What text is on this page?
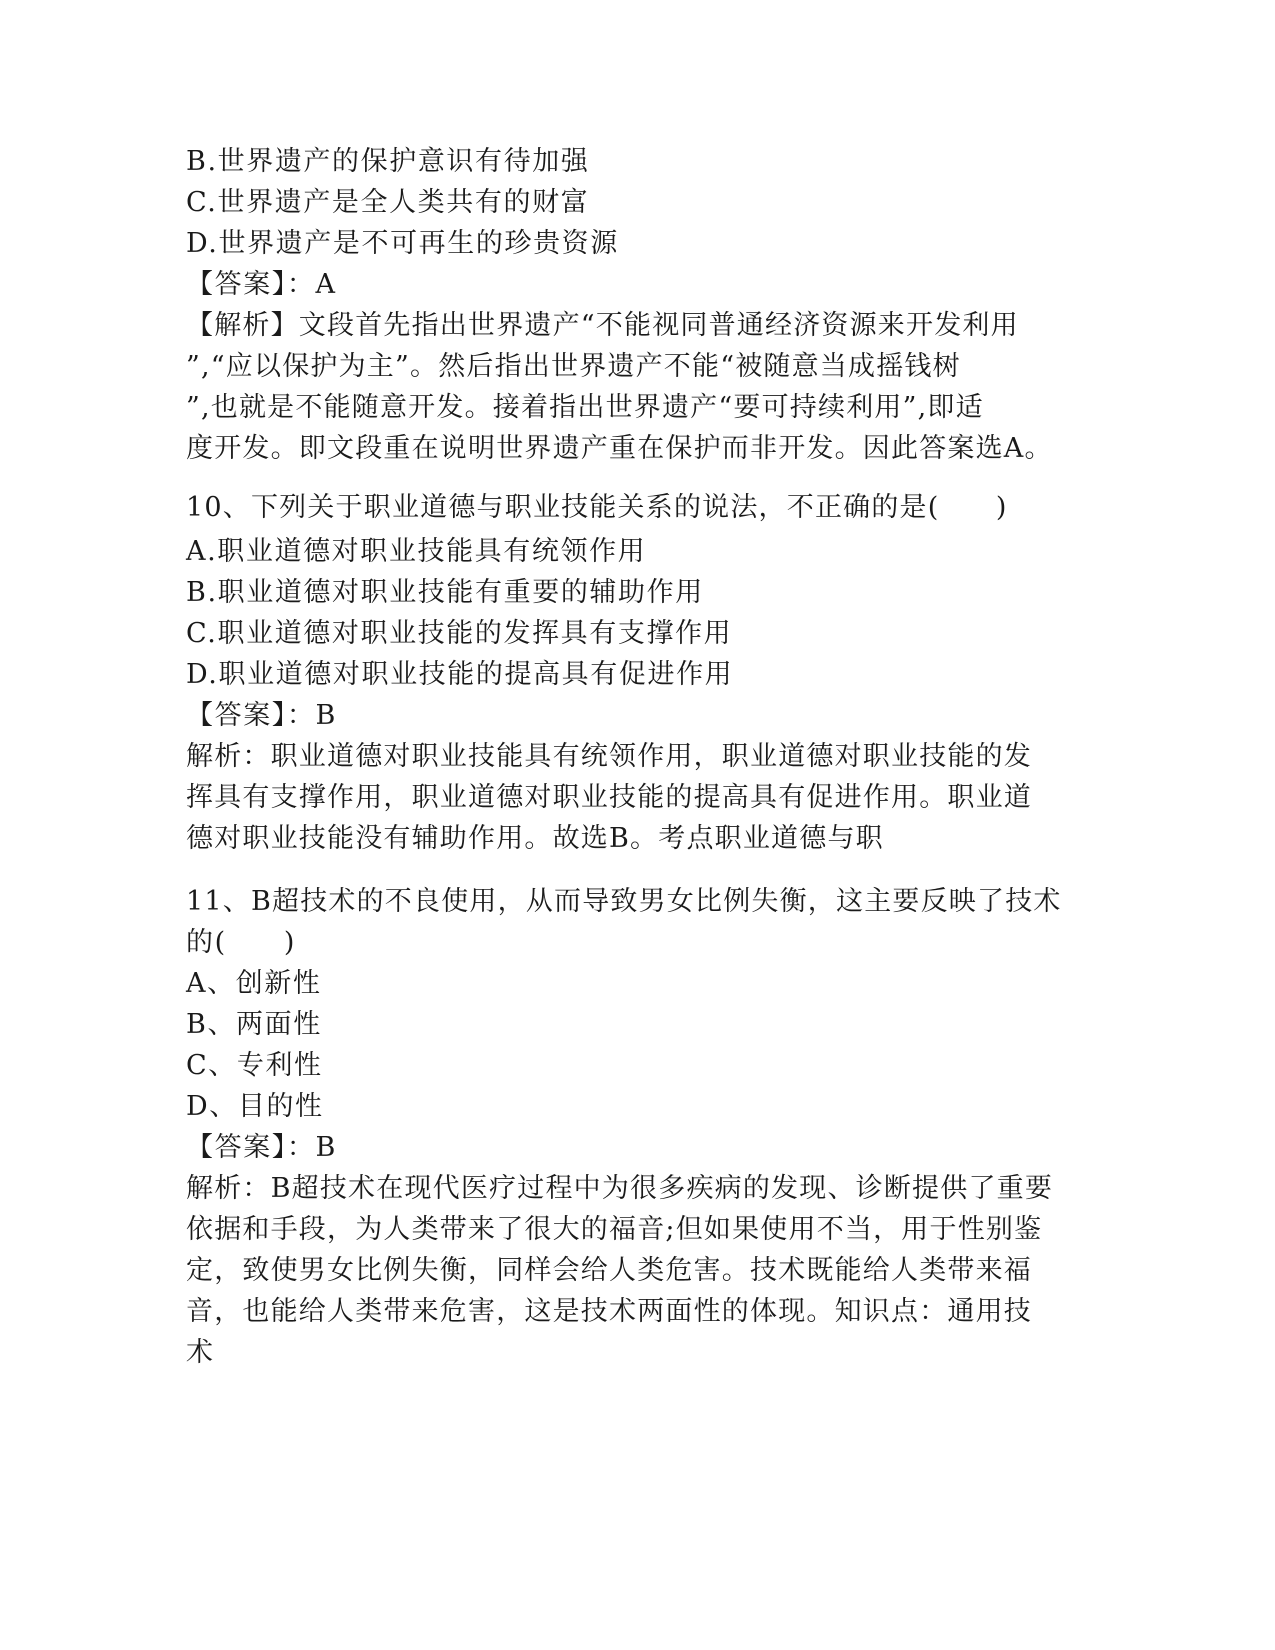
B.世界遗产的保护意识有待加强
C.世界遗产是全人类共有的财富
D.世界遗产是不可再生的珍贵资源
【答案】：A
【解析】文段首先指出世界遗产“不能视同普通经济资源来开发利用
”,“应以保护为主”。然后指出世界遗产不能“被随意当成摇钱树
”,也就是不能随意开发。接着指出世界遗产“要可持续利用”,即适
度开发。即文段重在说明世界遗产重在保护而非开发。因此答案选A。
10、下列关于职业道德与职业技能关系的说法，不正确的是(　　)
A.职业道德对职业技能具有统领作用
B.职业道德对职业技能有重要的辅助作用
C.职业道德对职业技能的发挥具有支撑作用
D.职业道德对职业技能的提高具有促进作用
【答案】：B
解析：职业道德对职业技能具有统领作用，职业道德对职业技能的发
挥具有支撑作用，职业道德对职业技能的提高具有促进作用。职业道
德对职业技能没有辅助作用。故选B。考点职业道德与职
11、B超技术的不良使用，从而导致男女比例失衡，这主要反映了技术
的(　　)
A、创新性
B、两面性
C、专利性
D、目的性
【答案】：B
解析：B超技术在现代医疗过程中为很多疾病的发现、诊断提供了重要
依据和手段，为人类带来了很大的福音;但如果使用不当，用于性别鉴
定，致使男女比例失衡，同样会给人类危害。技术既能给人类带来福
音，也能给人类带来危害，这是技术两面性的体现。知识点：通用技
术
